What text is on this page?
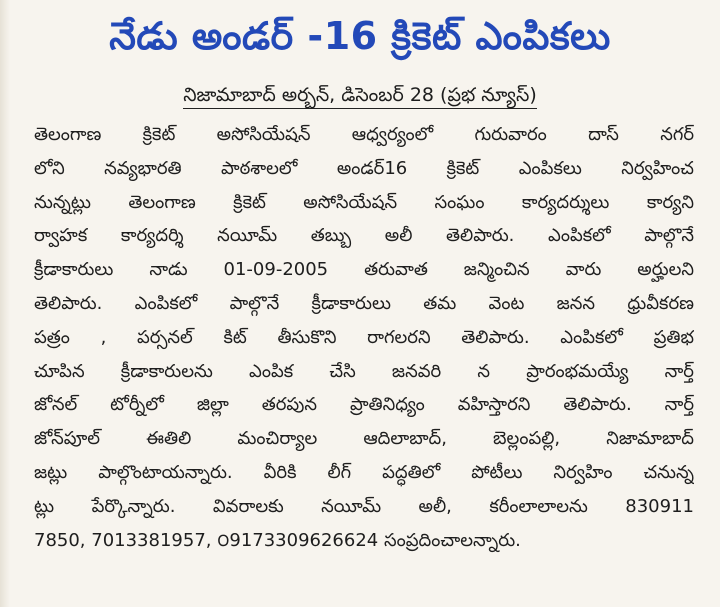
నేడు అండర్ -16 క్రికెట్ ఎంపికలు
నిజామాబాద్ అర్బన్, డిసెంబర్ 28 (ప్రభ న్యూస్)
తెలంగాణ క్రికెట్ అసోసియేషన్ ఆధ్వర్యంలో గురువారం దాస్ నగర్
లోని నవ్యభారతి పాఠశాలలో అండర్16 క్రికెట్ ఎంపికలు నిర్వహించ
నున్నట్లు తెలంగాణ క్రికెట్ అసోసియేషన్ సంఘం కార్యదర్శులు కార్యని
ర్వాహక కార్యదర్శి నయీమ్ తబ్బు అలీ తెలిపారు. ఎంపికలో పాల్గొనే
క్రీడాకారులు నాడు 01-09-2005 తరువాత జన్మించిన వారు అర్హులని
తెలిపారు. ఎంపికలో పాల్గొనే క్రీడాకారులు తమ వెంట జనన ధ్రువీకరణ
పత్రం , పర్సనల్ కిట్ తీసుకొని రాగలరని తెలిపారు. ఎంపికలో ప్రతిభ
చూపిన క్రీడాకారులను ఎంపిక చేసి జనవరి న ప్రారంభమయ్యే నార్త్
జోనల్ టోర్నీలో జిల్లా తరపున ప్రాతినిధ్యం వహిస్తారని తెలిపారు. నార్త్
జోన్‌పూల్ ఈతిలి మంచిర్యాల ఆదిలాబాద్, బెల్లంపల్లి, నిజామాబాద్
జట్లు పాల్గొంటాయన్నారు. వీరికి లీగ్ పద్ధతిలో పోటీలు నిర్వహిం చనున్న
ట్లు పేర్కొన్నారు. వివరాలకు నయీమ్ అలీ, కరీంలాలాలను 830911
7850, 7013381957, ౦9173309626624 సంప్రదించాలన్నారు.
